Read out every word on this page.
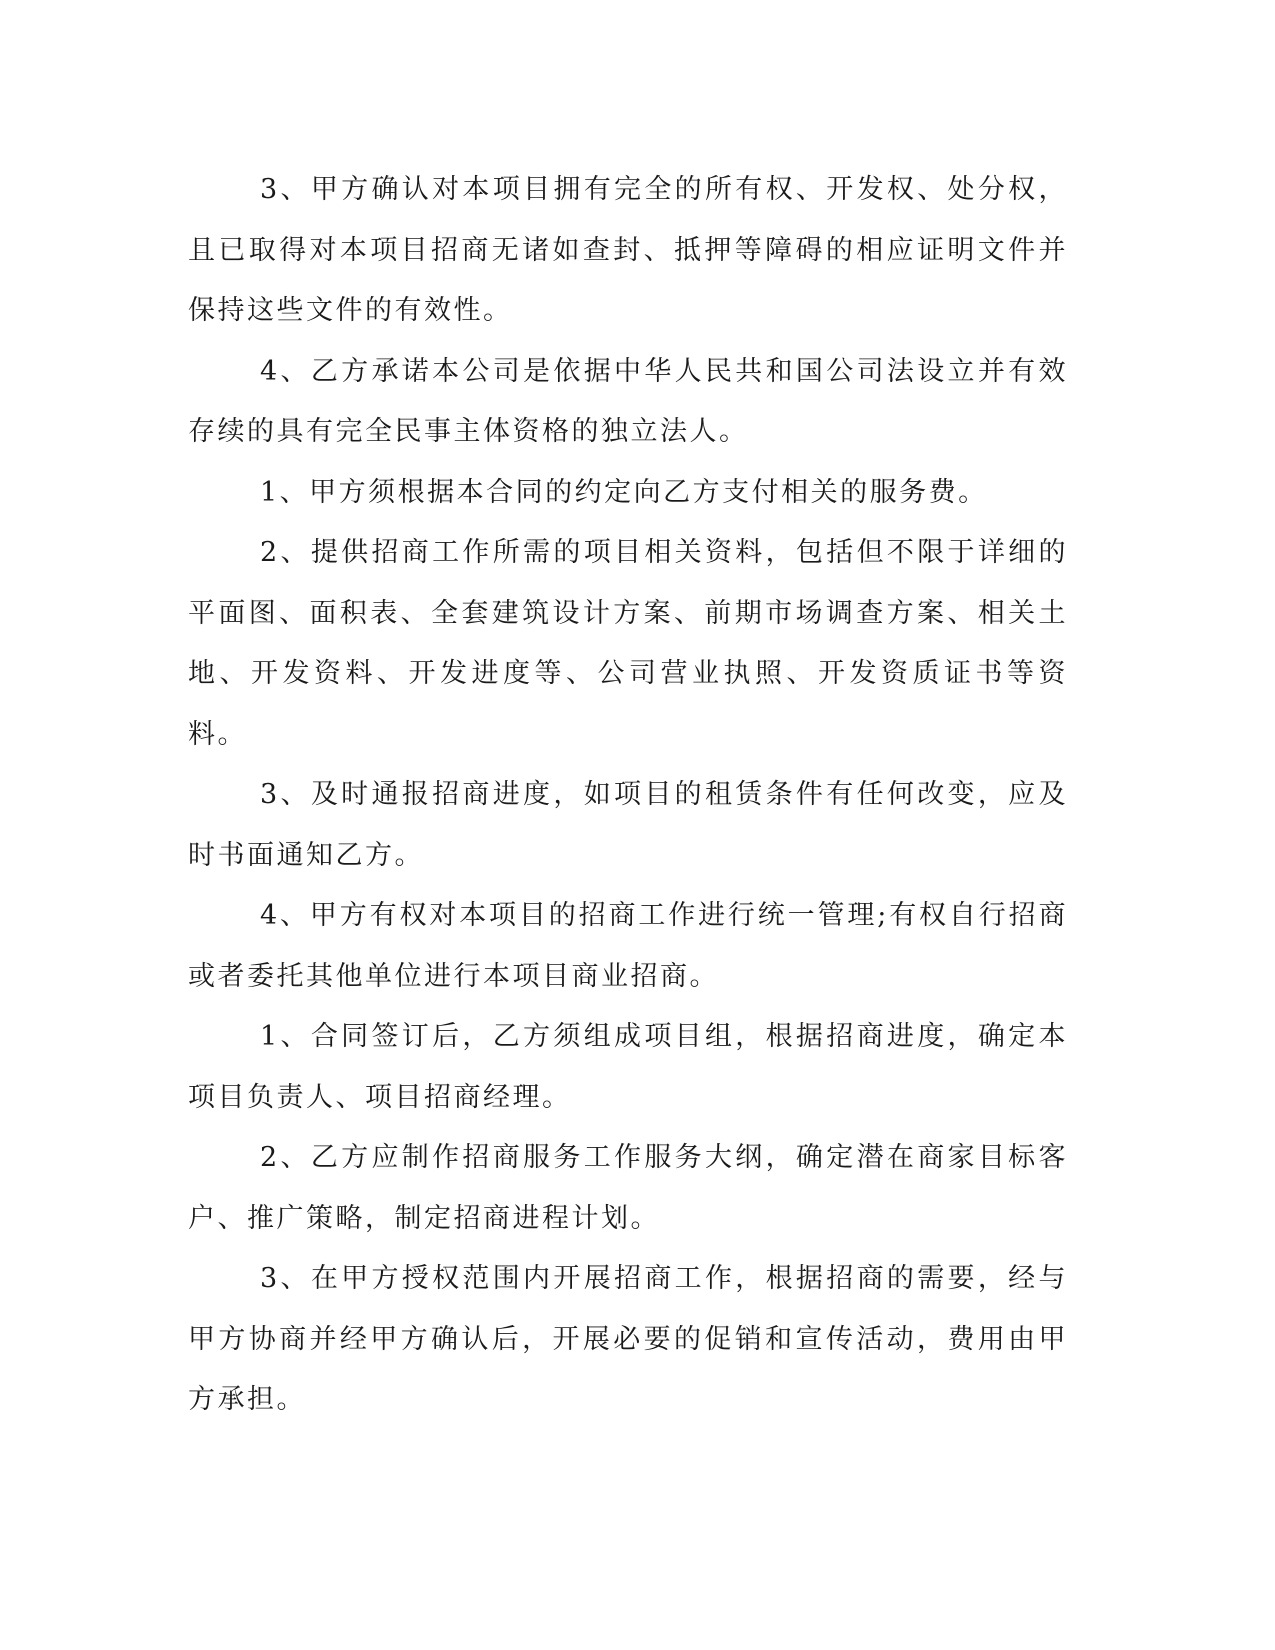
3、甲方确认对本项目拥有完全的所有权、开发权、处分权，且已取得对本项目招商无诸如查封、抵押等障碍的相应证明文件并保持这些文件的有效性。

4、乙方承诺本公司是依据中华人民共和国公司法设立并有效存续的具有完全民事主体资格的独立法人。

1、甲方须根据本合同的约定向乙方支付相关的服务费。

2、提供招商工作所需的项目相关资料，包括但不限于详细的平面图、面积表、全套建筑设计方案、前期市场调查方案、相关土地、开发资料、开发进度等、公司营业执照、开发资质证书等资料。

3、及时通报招商进度，如项目的租赁条件有任何改变，应及时书面通知乙方。

4、甲方有权对本项目的招商工作进行统一管理;有权自行招商或者委托其他单位进行本项目商业招商。

1、合同签订后，乙方须组成项目组，根据招商进度，确定本项目负责人、项目招商经理。

2、乙方应制作招商服务工作服务大纲，确定潜在商家目标客户、推广策略，制定招商进程计划。

3、在甲方授权范围内开展招商工作，根据招商的需要，经与甲方协商并经甲方确认后，开展必要的促销和宣传活动，费用由甲方承担。
